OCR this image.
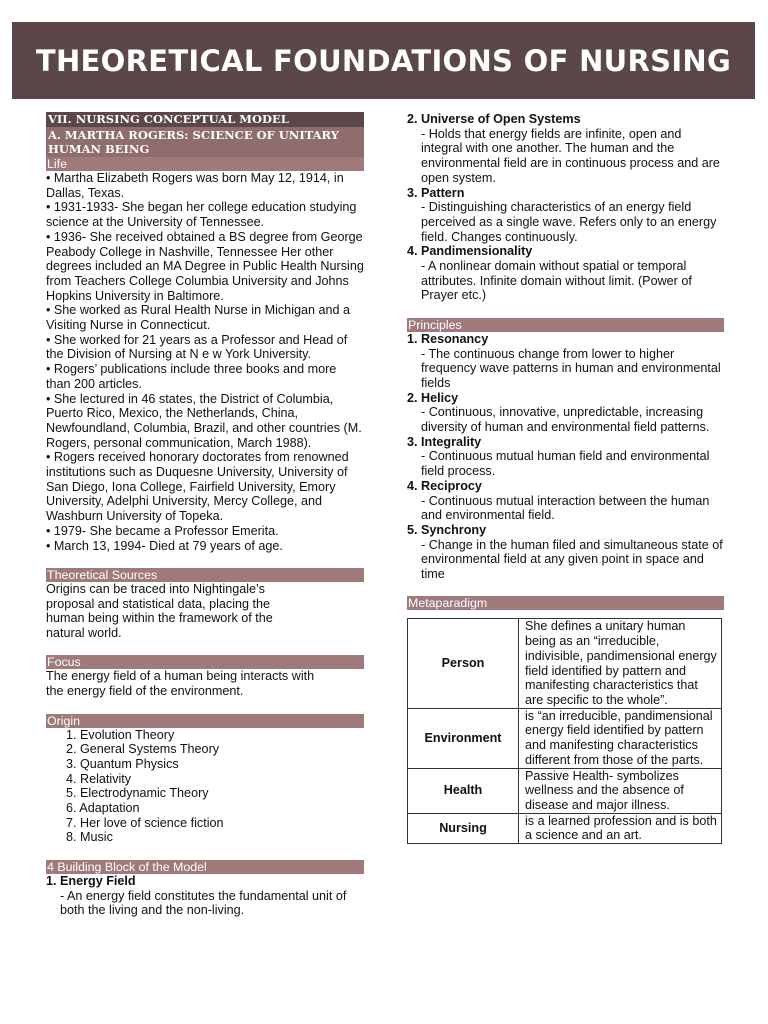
THEORETICAL FOUNDATIONS OF NURSING
VII. NURSING CONCEPTUAL MODEL
A. MARTHA ROGERS: SCIENCE OF UNITARY HUMAN BEING
Life

• Martha Elizabeth Rogers was born May 12, 1914, in Dallas, Texas.

• 1931-1933- She began her college education studying science at the University of Tennessee.

• 1936- She received obtained a BS degree from George Peabody College in Nashville, Tennessee Her other degrees included an MA Degree in Public Health Nursing from Teachers College Columbia University and Johns Hopkins University in Baltimore.

• She worked as Rural Health Nurse in Michigan and a Visiting Nurse in Connecticut.

• She worked for 21 years as a Professor and Head of the Division of Nursing at N e w York University.

• Rogers’ publications include three books and more than 200 articles.

• She lectured in 46 states, the District of Columbia, Puerto Rico, Mexico, the Netherlands, China, Newfoundland, Columbia, Brazil, and other countries (M. Rogers, personal communication, March 1988).

• Rogers received honorary doctorates from renowned institutions such as Duquesne University, University of San Diego, Iona College, Fairfield University, Emory University, Adelphi University, Mercy College, and Washburn University of Topeka.

• 1979- She became a Professor Emerita.

• March 13, 1994- Died at 79 years of age.

Theoretical Sources
Origins can be traced into Nightingale’s proposal and statistical data, placing the human being within the framework of the natural world.
Focus
The energy field of a human being interacts with the energy field of the environment.
Origin
1. Evolution Theory
2. General Systems Theory
3. Quantum Physics
4. Relativity
5. Electrodynamic Theory
6. Adaptation
7. Her love of science fiction
8. Music
4 Building Block of the Model
1. Energy Field
- An energy field constitutes the fundamental unit of both the living and the non-living.
2. Universe of Open Systems
- Holds that energy fields are infinite, open and integral with one another. The human and the environmental field are in continuous process and are open system.
3. Pattern
- Distinguishing characteristics of an energy field perceived as a single wave. Refers only to an energy field. Changes continuously.
4. Pandimensionality
- A nonlinear domain without spatial or temporal attributes. Infinite domain without limit. (Power of Prayer etc.)
Principles
1. Resonancy
- The continuous change from lower to higher frequency wave patterns in human and environmental fields
2. Helicy
- Continuous, innovative, unpredictable, increasing diversity of human and environmental field patterns.
3. Integrality
- Continuous mutual human field and environmental field process.
4. Reciprocy
- Continuous mutual interaction between the human and environmental field.
5. Synchrony
- Change in the human filed and simultaneous state of environmental field at any given point in space and time
Metaparadigm
Person	She defines a unitary human being as an “irreducible, indivisible, pandimensional energy field identified by pattern and manifesting characteristics that are specific to the whole”.
Environment	is “an irreducible, pandimensional energy field identified by pattern and manifesting characteristics different from those of the parts.
Health	Passive Health- symbolizes wellness and the absence of disease and major illness.
Nursing	is a learned profession and is both a science and an art.
